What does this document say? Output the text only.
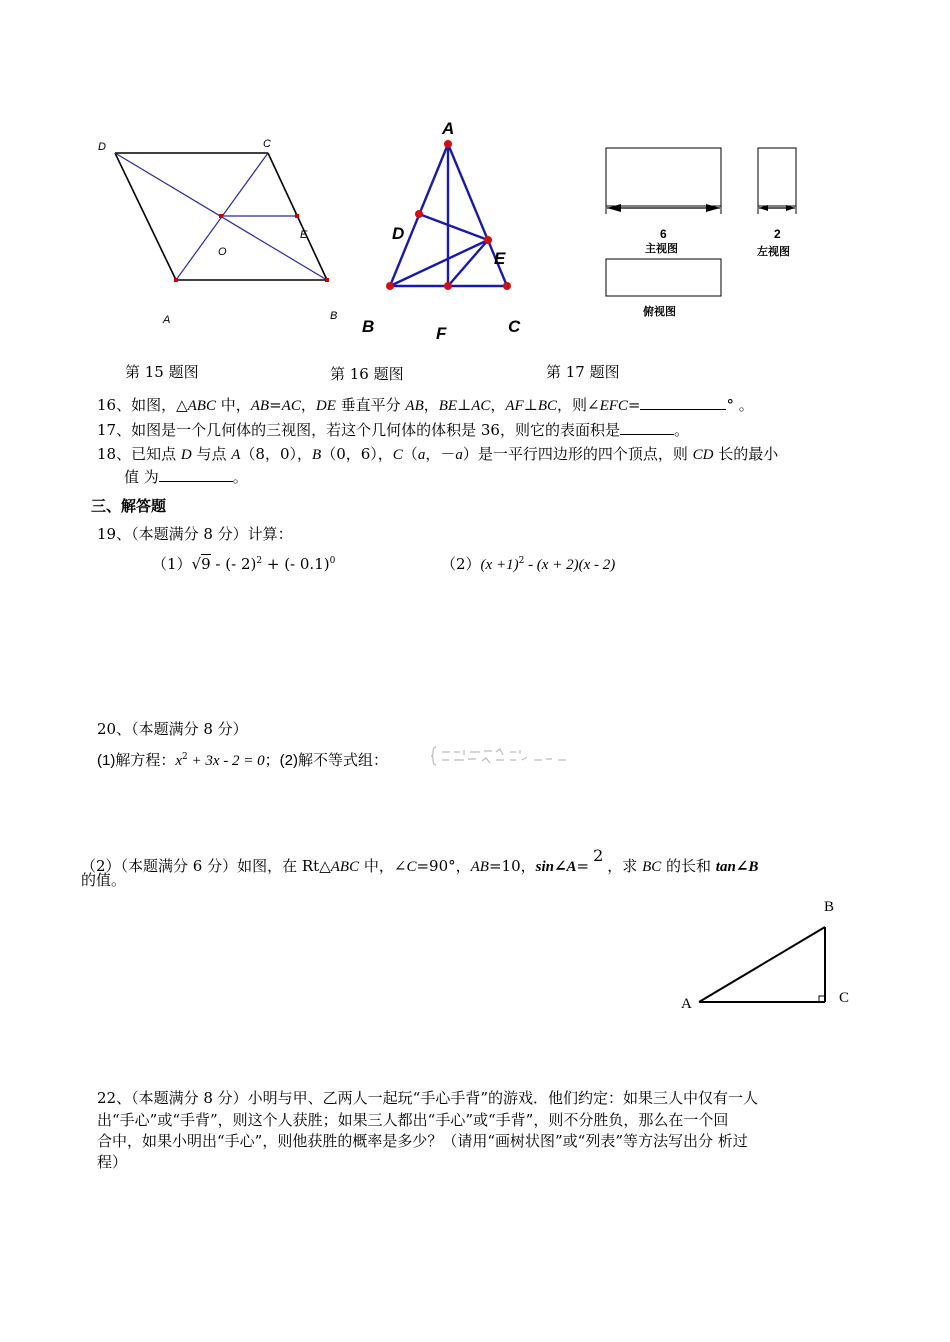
D	C
O
E
A	B
A
D
E
B	F	C
6
主视图
2
左视图
俯视图
第 15 题图	第 16 题图	第 17 题图
16、如图，△ABC 中，AB=AC，DE 垂直平分 AB，BE⊥AC，AF⊥BC，则∠EFC=	° 。
17、如图是一个几何体的三视图，若这个几何体的体积是 36，则它的表面积是	。
18、已知点 D 与点 A（8，0），B（0，6），C（a，－a）是一平行四边形的四个顶点，则 CD 长的最小
值 为	。
三、解答题
19、（本题满分 8 分）计算：
（1）√9 - (- 2)$^2$ + (- 0.1)$^0$	$(2)(x +1)^2 - (x + 2)(x - 2)$
20、（本题满分 8 分）
(1)解方程：$x^2 + 3x - 2 = 0$；(2)解不等式组：
（2）（本题满分 6 分）如图，在 Rt△ABC 中，∠C=90°，AB=10，sin∠A=2，求 BC 的长和 tan∠B
的值。
B
A	C
22、（本题满分 8 分）小明与甲、乙两人一起玩“手心手背”的游戏．他们约定：如果三人中仅有一人
出“手心”或“手背”，则这个人获胜；如果三人都出“手心”或“手背”，则不分胜负，那么在一个回
合中，如果小明出“手心”，则他获胜的概率是多少？（请用“画树状图”或“列表”等方法写出分 析过
程）
